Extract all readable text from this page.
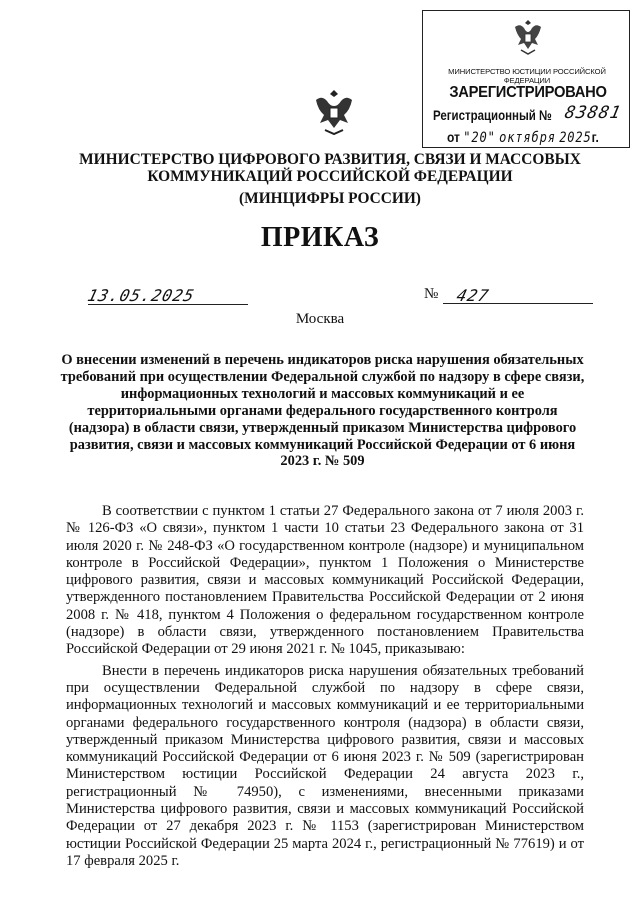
МИНИСТЕРСТВО ЮСТИЦИИ РОССИЙСКОЙ ФЕДЕРАЦИИ
ЗАРЕГИСТРИРОВАНО
Регистрационный № 83881
от "20" октября 2025г.
МИНИСТЕРСТВО ЦИФРОВОГО РАЗВИТИЯ, СВЯЗИ И МАССОВЫХ
КОММУНИКАЦИЙ РОССИЙСКОЙ ФЕДЕРАЦИИ
(МИНЦИФРЫ РОССИИ)
ПРИКАЗ
13.05.2025	№	427
Москва
О внесении изменений в перечень индикаторов риска нарушения обязательных требований при осуществлении Федеральной службой по надзору в сфере связи, информационных технологий и массовых коммуникаций и ее территориальными органами федерального государственного контроля (надзора) в области связи, утвержденный приказом Министерства цифрового развития, связи и массовых коммуникаций Российской Федерации от 6 июня 2023 г. № 509

В соответствии с пунктом 1 статьи 27 Федерального закона от 7 июля 2003 г. № 126-ФЗ «О связи», пунктом 1 части 10 статьи 23 Федерального закона от 31 июля 2020 г. № 248-ФЗ «О государственном контроле (надзоре) и муниципальном контроле в Российской Федерации», пунктом 1 Положения о Министерстве цифрового развития, связи и массовых коммуникаций Российской Федерации, утвержденного постановлением Правительства Российской Федерации от 2 июня 2008 г. № 418, пунктом 4 Положения о федеральном государственном контроле (надзоре) в области связи, утвержденного постановлением Правительства Российской Федерации от 29 июня 2021 г. № 1045, приказываю:

Внести в перечень индикаторов риска нарушения обязательных требований при осуществлении Федеральной службой по надзору в сфере связи, информационных технологий и массовых коммуникаций и ее территориальными органами федерального государственного контроля (надзора) в области связи, утвержденный приказом Министерства цифрового развития, связи и массовых коммуникаций Российской Федерации от 6 июня 2023 г. № 509 (зарегистрирован Министерством юстиции Российской Федерации 24 августа 2023 г., регистрационный № 74950), с изменениями, внесенными приказами Министерства цифрового развития, связи и массовых коммуникаций Российской Федерации от 27 декабря 2023 г. № 1153 (зарегистрирован Министерством юстиции Российской Федерации 25 марта 2024 г., регистрационный № 77619) и от 17 февраля 2025 г.
